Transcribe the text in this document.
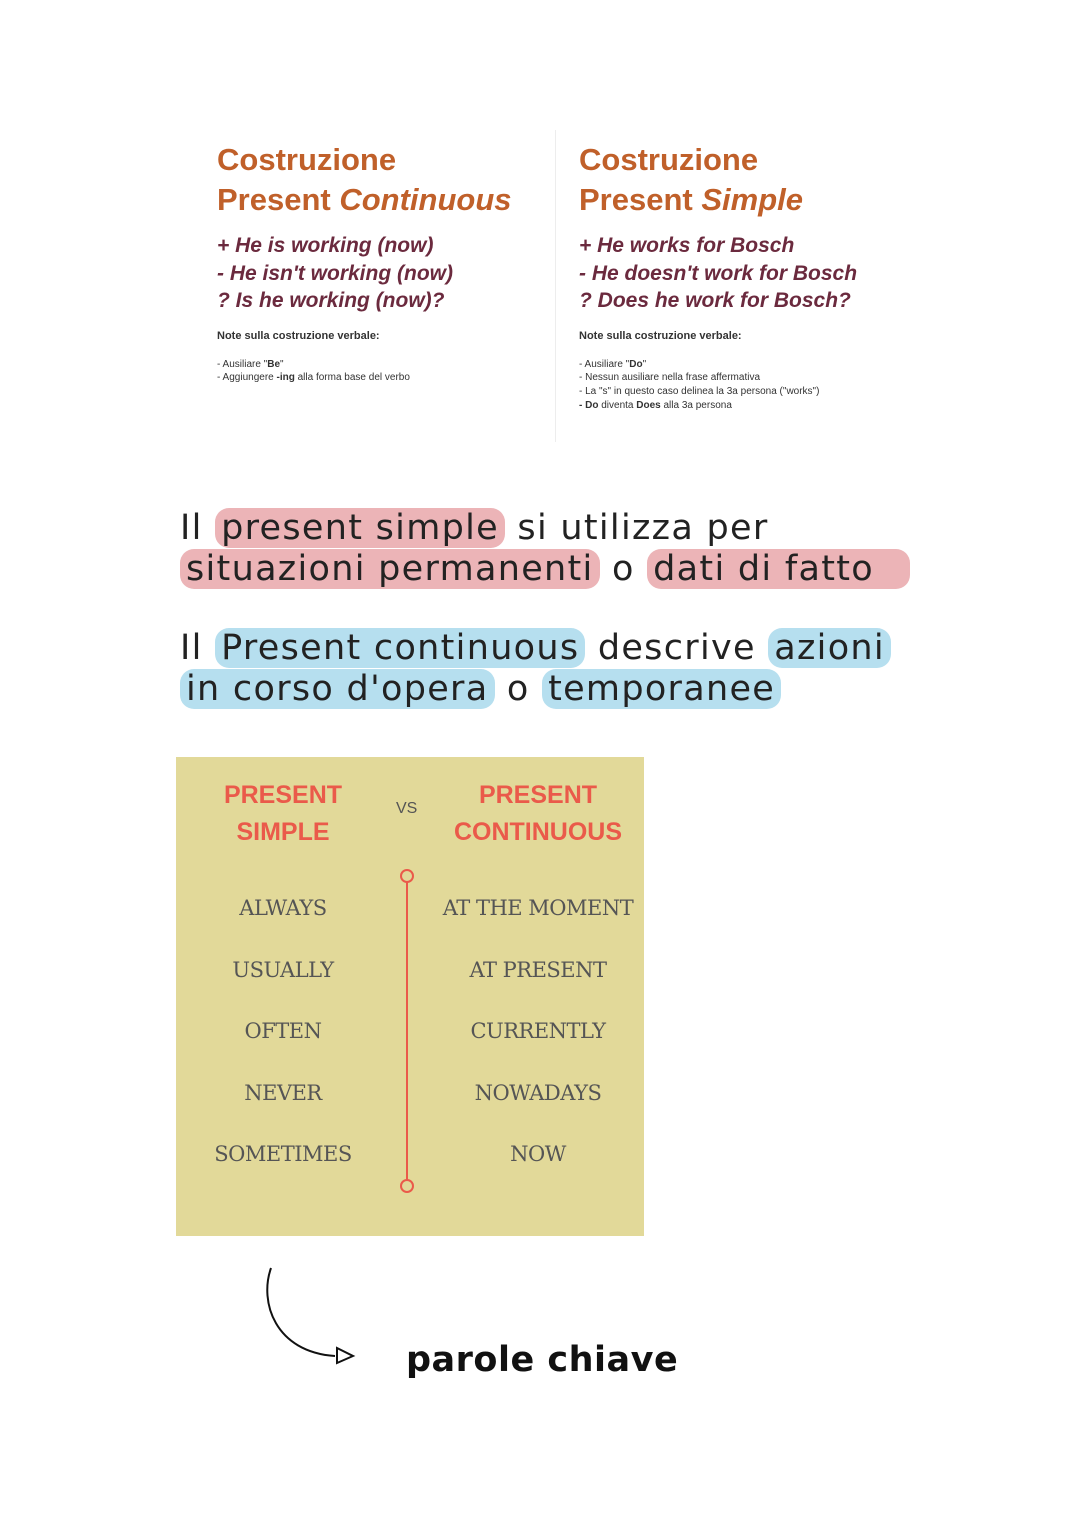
Costruzione
Present Continuous
+ He is working (now)
- He isn't working (now)
? Is he working (now)?
Note sulla costruzione verbale:
- Ausiliare "Be"
- Aggiungere -ing alla forma base del verbo
Costruzione
Present Simple
+ He works for Bosch
- He doesn't work for Bosch
? Does he work for Bosch?
Note sulla costruzione verbale:
- Ausiliare "Do"
- Nessun ausiliare nella frase affermativa
- La "s" in questo caso delinea la 3a persona ("works")
- Do diventa Does alla 3a persona
Il present simple si utilizza per
situazioni permanenti o dati di fatto
Il Present continuous descrive azioni
in corso d'opera o temporanee
PRESENT
SIMPLE
VS	PRESENT
CONTINUOUS
ALWAYS
USUALLY
OFTEN
NEVER
SOMETIMES
AT THE MOMENT
AT PRESENT
CURRENTLY
NOWADAYS
NOW
parole chiave
